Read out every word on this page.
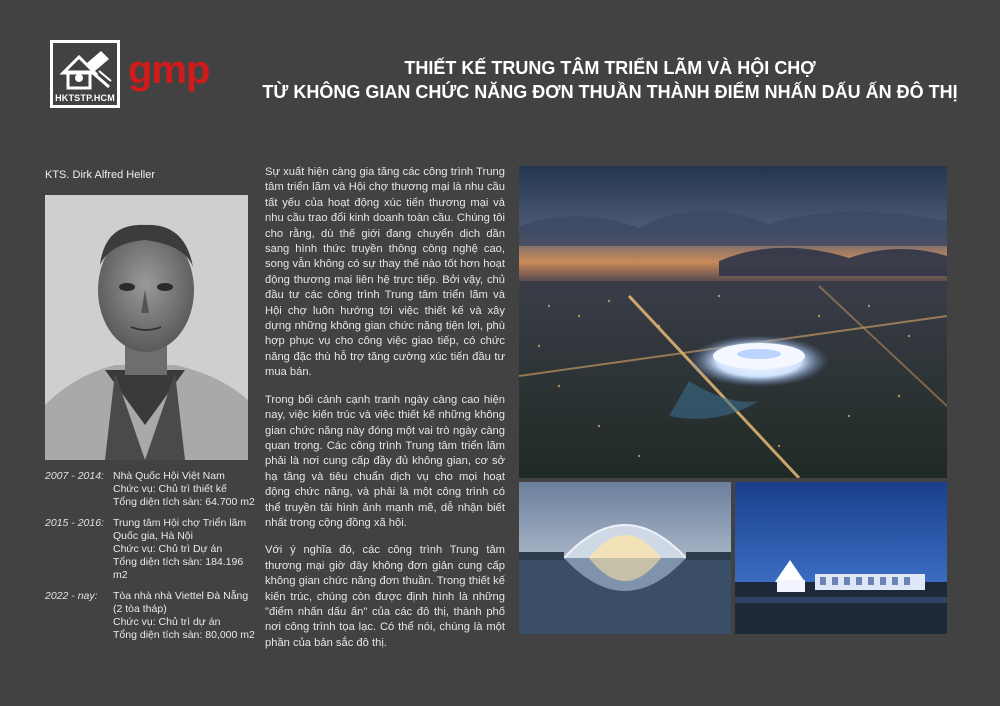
HKTSTP.HCM
gmp	THIẾT KẾ TRUNG TÂM TRIỂN LÃM VÀ HỘI CHỢ
TỪ KHÔNG GIAN CHỨC NĂNG ĐƠN THUẦN THÀNH ĐIỂM NHẤN DẤU ẤN ĐÔ THỊ
KTS. Dirk Alfred Heller
2007 - 2014: Nhà Quốc Hội Việt Nam
Chức vụ: Chủ trì thiết kế
Tổng diện tích sàn: 64.700 m2
2015 - 2016: Trung tâm Hội chợ Triển lãm
Quốc gia, Hà Nội
Chức vụ: Chủ trì Dự án
Tổng diện tích sàn: 184.196 m2
2022 - nay:	Tòa nhà nhà Viettel Đà Nẵng
(2 tòa tháp)
Chức vụ: Chủ trì dự án
Tổng diện tích sàn: 80,000 m2

Sự xuất hiện càng gia tăng các công trình Trung tâm triển lãm và Hội chợ thương mại là nhu cầu tất yếu của hoạt động xúc tiến thương mại và nhu cầu trao đổi kinh doanh toàn cầu. Chúng tôi cho rằng, dù thế giới đang chuyển dịch dần sang hình thức truyền thông công nghệ cao, song vẫn không có sự thay thế nào tốt hơn hoạt động thương mại liên hệ trực tiếp. Bởi vậy, chủ đầu tư các công trình Trung tâm triển lãm và Hội chợ luôn hướng tới việc thiết kế và xây dựng những không gian chức năng tiện lợi, phù hợp phục vụ cho công việc giao tiếp, có chức năng đặc thù hỗ trợ tăng cường xúc tiến đầu tư mua bán.

Trong bối cảnh cạnh tranh ngày càng cao hiện nay, việc kiến trúc và việc thiết kế những không gian chức năng này đóng một vai trò ngày càng quan trọng. Các công trình Trung tâm triển lãm phải là nơi cung cấp đầy đủ không gian, cơ sở hạ tầng và tiêu chuẩn dịch vụ cho mọi hoạt động chức năng, và phải là một công trình có thể truyền tải hình ảnh mạnh mẽ, dễ nhận biết nhất trong cộng đồng xã hội.

Với ý nghĩa đó, các công trình Trung tâm thương mại giờ đây không đơn giản cung cấp không gian chức năng đơn thuần. Trong thiết kế kiến trúc, chúng còn được định hình là những "điểm nhấn dấu ấn" của các đô thị, thành phố nơi công trình tọa lạc. Có thể nói, chúng là một phần của bản sắc đô thị.
